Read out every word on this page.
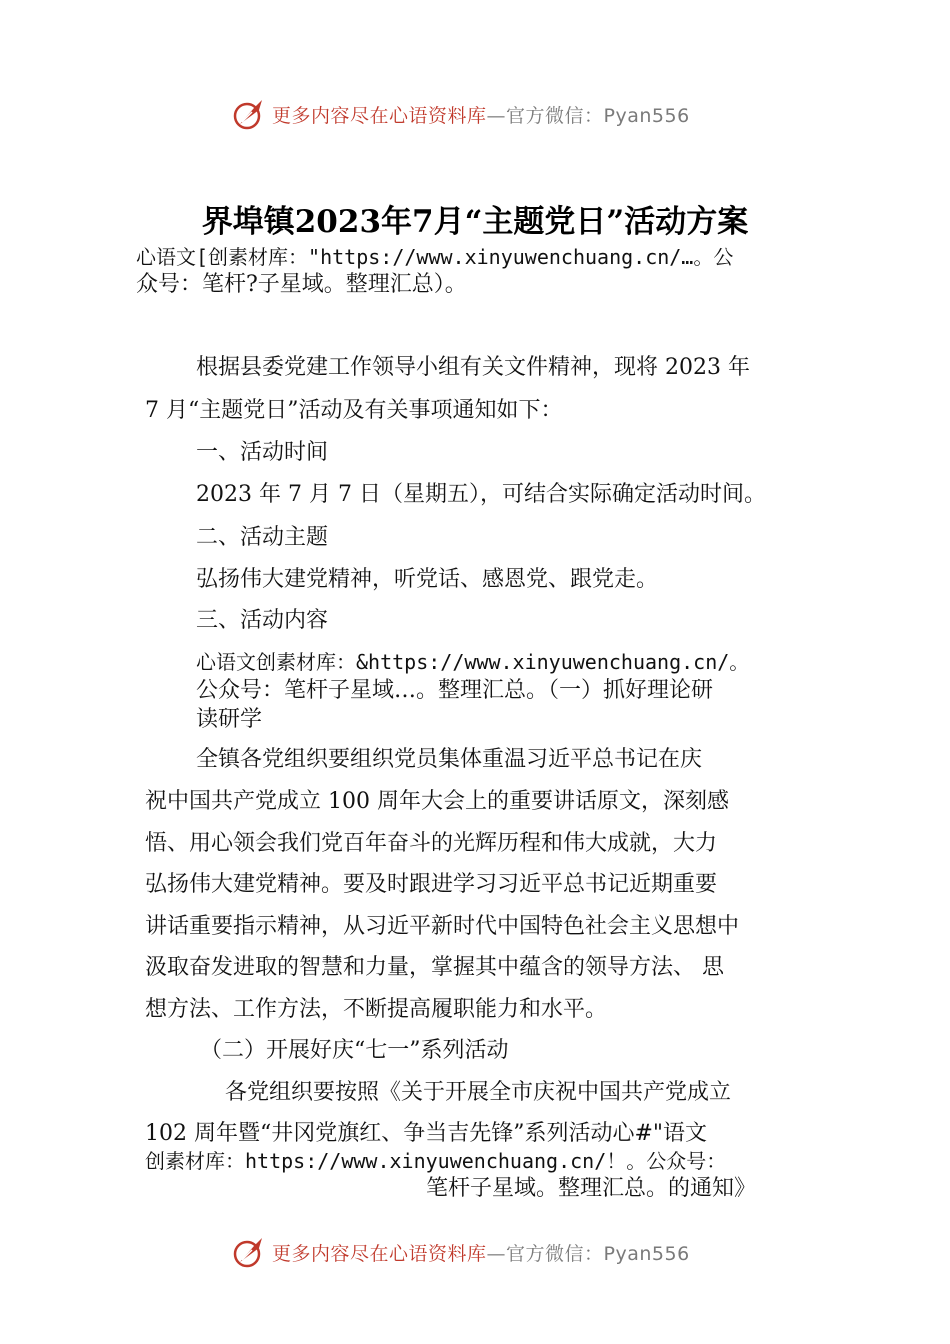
更多内容尽在心语资料库—官方微信：Pyan556
界埠镇2023年7月“主题党日”活动方案
心语文[创素材库："https://www.xinyuwenchuang.cn/…。公
众号：笔杆?子星域。整理汇总）。
根据县委党建工作领导小组有关文件精神，现将 2023 年
7 月“主题党日”活动及有关事项通知如下：
一、活动时间
2023 年 7 月 7 日（星期五），可结合实际确定活动时间。
二、活动主题
弘扬伟大建党精神，听党话、感恩党、跟党走。
三、活动内容
心语文创素材库：&https://www.xinyuwenchuang.cn/。
公众号：笔杆子星域…。整理汇总。（一）抓好理论研
读研学
全镇各党组织要组织党员集体重温习近平总书记在庆
祝中国共产党成立 100 周年大会上的重要讲话原文，深刻感
悟、用心领会我们党百年奋斗的光辉历程和伟大成就，大力
弘扬伟大建党精神。要及时跟进学习习近平总书记近期重要
讲话重要指示精神，从习近平新时代中国特色社会主义思想中
汲取奋发进取的智慧和力量，掌握其中蕴含的领导方法、 思
想方法、工作方法，不断提高履职能力和水平。
（二）开展好庆“七一”系列活动
各党组织要按照《关于开展全市庆祝中国共产党成立
102 周年暨“井冈党旗红、争当吉先锋”系列活动心#"语文
创素材库：https://www.xinyuwenchuang.cn/！。公众号：
笔杆子星域。整理汇总。的通知》
更多内容尽在心语资料库—官方微信：Pyan556
